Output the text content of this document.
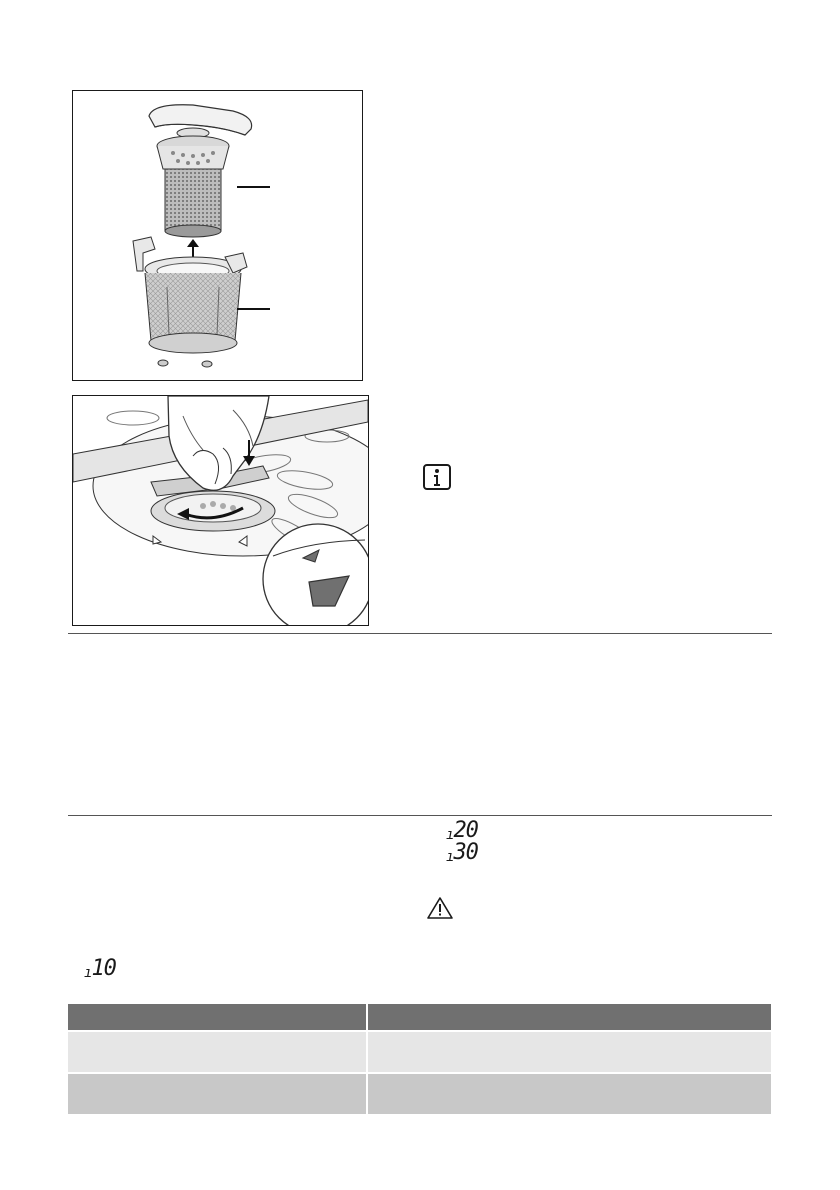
ı20
ı30
ı10
